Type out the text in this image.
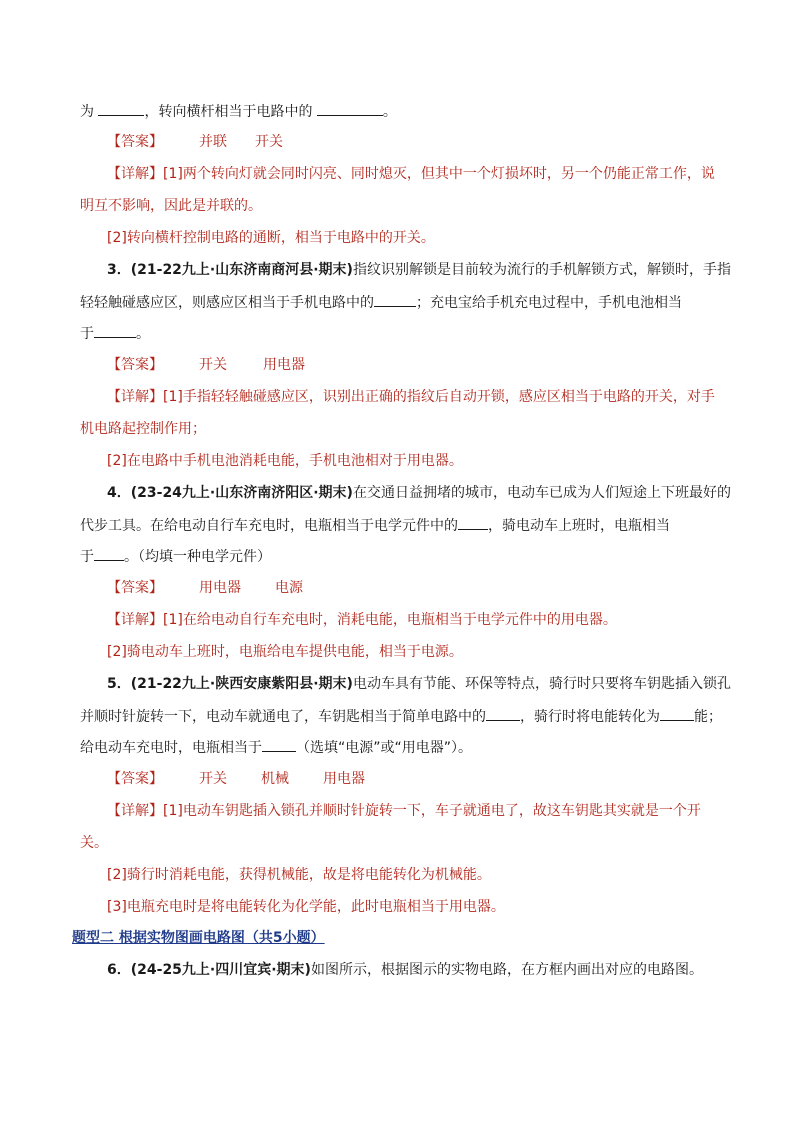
为	，转向横杆相当于电路中的	。
【答案】	并联 开关
【详解】[1]两个转向灯就会同时闪亮、同时熄灭，但其中一个灯损坏时，另一个仍能正常工作，说
明互不影响，因此是并联的。
[2]转向横杆控制电路的通断，相当于电路中的开关。
3．(21-22九上·山东济南商河县·期末)指纹识别解锁是目前较为流行的手机解锁方式，解锁时，手指
轻轻触碰感应区，则感应区相当于手机电路中的	；充电宝给手机充电过程中，手机电池相当
于	。
【答案】	开关	用电器
【详解】[1]手指轻轻触碰感应区，识别出正确的指纹后自动开锁，感应区相当于电路的开关，对手
机电路起控制作用；
[2]在电路中手机电池消耗电能，手机电池相对于用电器。
4．(23-24九上·山东济南济阳区·期末)在交通日益拥堵的城市，电动车已成为人们短途上下班最好的
代步工具。在给电动自行车充电时，电瓶相当于电学元件中的 ，骑电动车上班时，电瓶相当
于 。（均填一种电学元件）
【答案】	用电器 电源
【详解】[1]在给电动自行车充电时，消耗电能，电瓶相当于电学元件中的用电器。
[2]骑电动车上班时，电瓶给电车提供电能，相当于电源。
5．(21-22九上·陕西安康紫阳县·期末)电动车具有节能、环保等特点，骑行时只要将车钥匙插入锁孔
并顺时针旋转一下，电动车就通电了，车钥匙相当于简单电路中的 ，骑行时将电能转化为 能；
给电动车充电时，电瓶相当于 （选填“电源”或“用电器”）。
【答案】	开关 机械 用电器
【详解】[1]电动车钥匙插入锁孔并顺时针旋转一下，车子就通电了，故这车钥匙其实就是一个开
关。
[2]骑行时消耗电能，获得机械能，故是将电能转化为机械能。
[3]电瓶充电时是将电能转化为化学能，此时电瓶相当于用电器。
题型二 根据实物图画电路图（共5小题）
6．(24-25九上·四川宜宾·期末)如图所示，根据图示的实物电路，在方框内画出对应的电路图。
